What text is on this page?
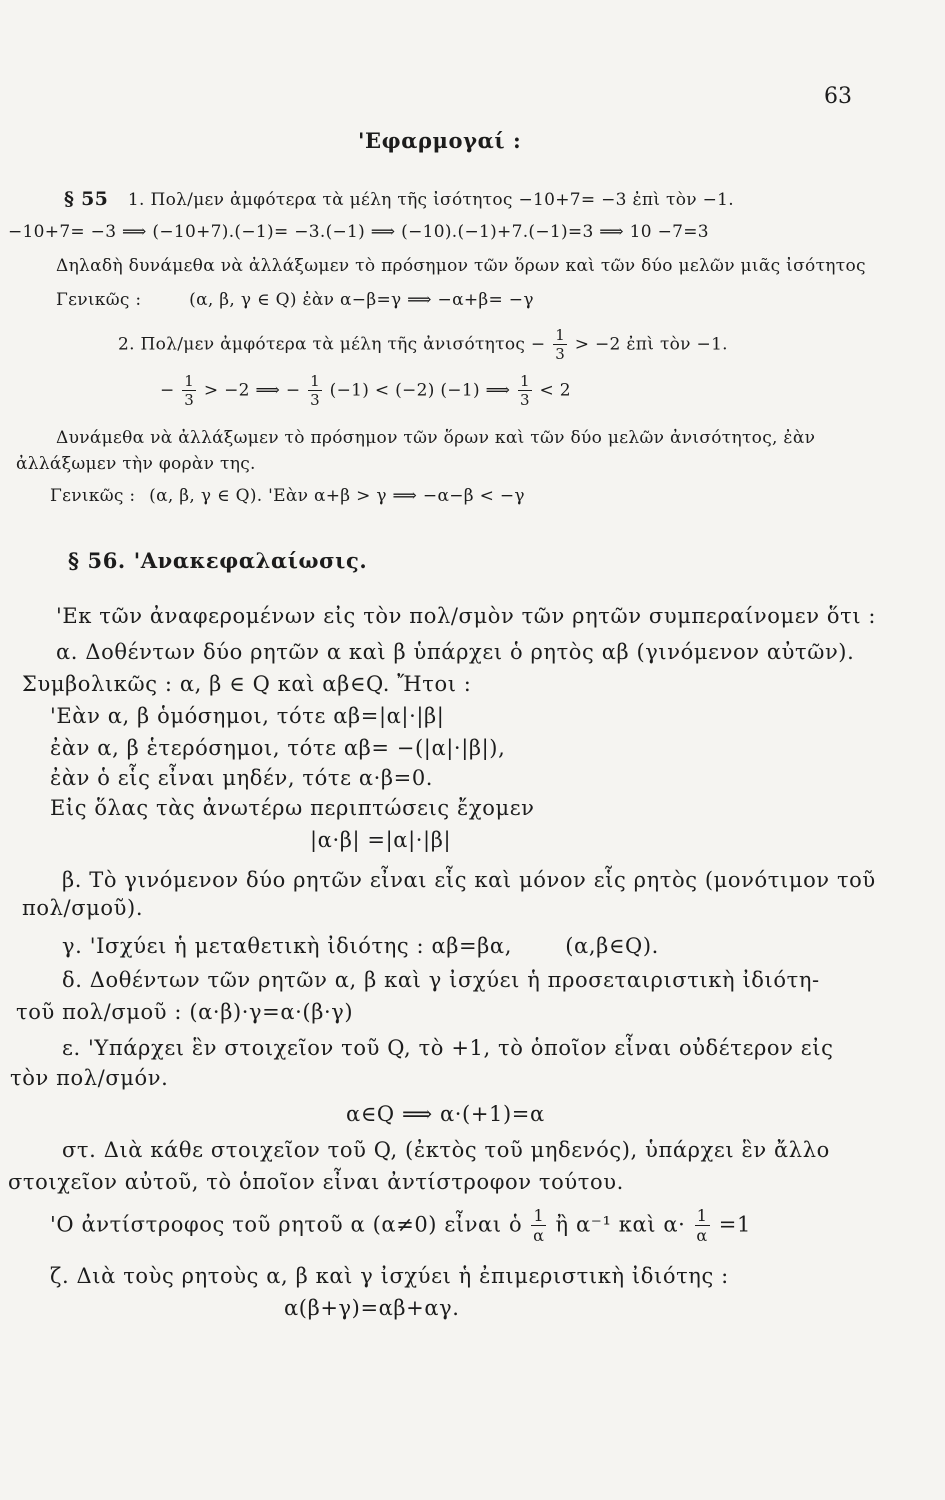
63
'Εφαρμογαί :
§ 55 1. Πολ/μεν ἀμφότερα τὰ μέλη τῆς ἰσότητος −10+7= −3 ἐπὶ τὸν −1.
−10+7= −3 ⟹ (−10+7).(−1)= −3.(−1) ⟹ (−10).(−1)+7.(−1)=3 ⟹ 10 −7=3
Δηλαδὴ δυνάμεθα νὰ ἀλλάξωμεν τὸ πρόσημον τῶν ὅρων καὶ τῶν δύο μελῶν μιᾶς ἰσότητος
Γενικῶς :	(α, β, γ ∈ Q) ἐὰν α−β=γ ⟹ −α+β= −γ
2. Πολ/μεν ἀμφότερα τὰ μέλη τῆς ἀνισότητος − $\frac{1}{3} > -2$ ἐπὶ τὸν −1.
− $\frac{1}{3} > -2$ ⟹ − $\frac{1}{3} (-1) < (-2)$ (−1) ⟹ $\frac{1}{3} < 2$
Δυνάμεθα νὰ ἀλλάξωμεν τὸ πρόσημον τῶν ὅρων καὶ τῶν δύο μελῶν ἀνισότητος, ἐὰν
ἀλλάξωμεν τὴν φορὰν της.
Γενικῶς : (α, β, γ ∈ Q). 'Εὰν α+β > γ ⟹ −α−β < −γ
§ 56. 'Ανακεφαλαίωσις.
'Εκ τῶν ἀναφερομένων εἰς τὸν πολ/σμὸν τῶν ρητῶν συμπεραίνομεν ὅτι :
α. Δοθέντων δύο ρητῶν α καὶ β ὑπάρχει ὁ ρητὸς αβ (γινόμενον αὐτῶν).
Συμβολικῶς : α, β ∈ Q καὶ αβ∈Q. Ἤτοι :
'Εὰν α, β ὁμόσημοι, τότε αβ=|α|·|β|
ἐὰν α, β ἑτερόσημοι, τότε αβ= −(|α|·|β|),
ἐὰν ὁ εἷς εἶναι μηδέν, τότε α·β=0.
Εἰς ὅλας τὰς ἀνωτέρω περιπτώσεις ἔχομεν
|α·β| =|α|·|β|
β. Τὸ γινόμενον δύο ρητῶν εἶναι εἷς καὶ μόνον εἷς ρητὸς (μονότιμον τοῦ
πολ/σμοῦ).
γ. 'Ισχύει ἡ μεταθετικὴ ἰδιότης : αβ=βα,	(α,β∈Q).
δ. Δοθέντων τῶν ρητῶν α, β καὶ γ ἰσχύει ἡ προσεταιριστικὴ ἰδιότη-
τοῦ πολ/σμοῦ : (α·β)·γ=α·(β·γ)
ε. 'Υπάρχει ἓν στοιχεῖον τοῦ Q, τὸ +1, τὸ ὁποῖον εἶναι οὐδέτερον εἰς
τὸν πολ/σμόν.
α∈Q ⟹ α·(+1)=α
στ. Διὰ κάθε στοιχεῖον τοῦ Q, (ἐκτὸς τοῦ μηδενός), ὑπάρχει ἓν ἄλλο
στοιχεῖον αὐτοῦ, τὸ ὁποῖον εἶναι ἀντίστροφον τούτου.
'Ο ἀντίστροφος τοῦ ρητοῦ α (α≠0) εἶναι ὁ $\frac{1}{\alpha}$ ἢ α⁻¹ καὶ $\alpha\cdot \frac{1}{\alpha} =1$
ζ. Διὰ τοὺς ρητοὺς α, β καὶ γ ἰσχύει ἡ ἐπιμεριστικὴ ἰδιότης :
α(β+γ)=αβ+αγ.
